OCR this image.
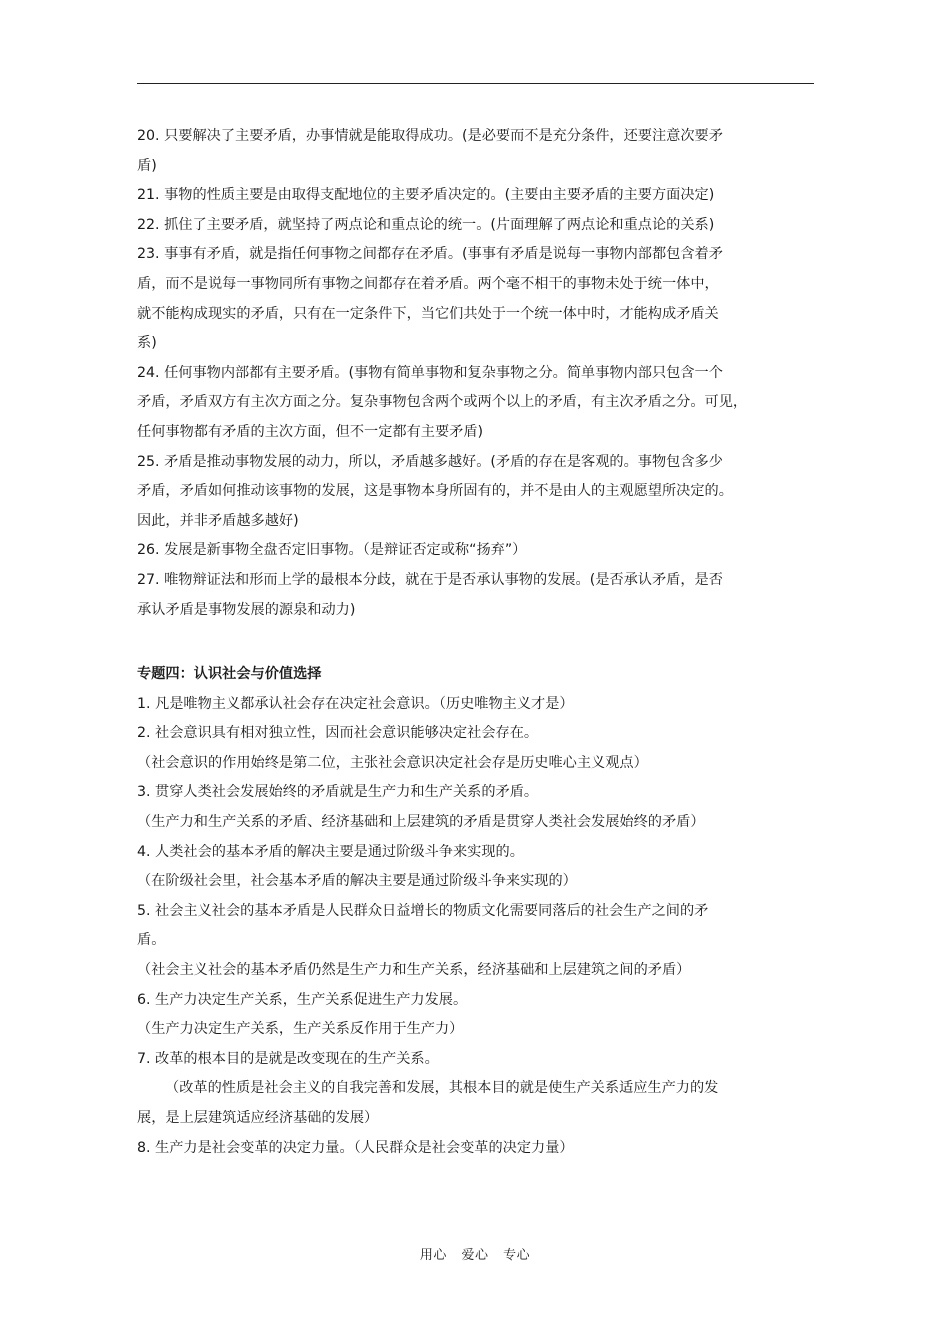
20. 只要解决了主要矛盾，办事情就是能取得成功。(是必要而不是充分条件，还要注意次要矛
盾)
21. 事物的性质主要是由取得支配地位的主要矛盾决定的。(主要由主要矛盾的主要方面决定)
22. 抓住了主要矛盾，就坚持了两点论和重点论的统一。(片面理解了两点论和重点论的关系)
23. 事事有矛盾，就是指任何事物之间都存在矛盾。(事事有矛盾是说每一事物内部都包含着矛
盾，而不是说每一事物同所有事物之间都存在着矛盾。两个毫不相干的事物未处于统一体中，
就不能构成现实的矛盾，只有在一定条件下，当它们共处于一个统一体中时，才能构成矛盾关
系)
24. 任何事物内部都有主要矛盾。(事物有简单事物和复杂事物之分。简单事物内部只包含一个
矛盾，矛盾双方有主次方面之分。复杂事物包含两个或两个以上的矛盾，有主次矛盾之分。可见，
任何事物都有矛盾的主次方面，但不一定都有主要矛盾)
25. 矛盾是推动事物发展的动力，所以，矛盾越多越好。(矛盾的存在是客观的。事物包含多少
矛盾，矛盾如何推动该事物的发展，这是事物本身所固有的，并不是由人的主观愿望所决定的。
因此，并非矛盾越多越好)
26. 发展是新事物全盘否定旧事物。（是辩证否定或称“扬弃”）
27. 唯物辩证法和形而上学的最根本分歧，就在于是否承认事物的发展。(是否承认矛盾，是否
承认矛盾是事物发展的源泉和动力)
专题四：认识社会与价值选择
1. 凡是唯物主义都承认社会存在决定社会意识。（历史唯物主义才是）
2. 社会意识具有相对独立性，因而社会意识能够决定社会存在。
（社会意识的作用始终是第二位，主张社会意识决定社会存是历史唯心主义观点）
3. 贯穿人类社会发展始终的矛盾就是生产力和生产关系的矛盾。
（生产力和生产关系的矛盾、经济基础和上层建筑的矛盾是贯穿人类社会发展始终的矛盾）
4. 人类社会的基本矛盾的解决主要是通过阶级斗争来实现的。
（在阶级社会里，社会基本矛盾的解决主要是通过阶级斗争来实现的）
5. 社会主义社会的基本矛盾是人民群众日益增长的物质文化需要同落后的社会生产之间的矛
盾。
（社会主义社会的基本矛盾仍然是生产力和生产关系，经济基础和上层建筑之间的矛盾）
6. 生产力决定生产关系，生产关系促进生产力发展。
（生产力决定生产关系，生产关系反作用于生产力）
7. 改革的根本目的是就是改变现在的生产关系。
（改革的性质是社会主义的自我完善和发展，其根本目的就是使生产关系适应生产力的发
展，是上层建筑适应经济基础的发展）
8. 生产力是社会变革的决定力量。（人民群众是社会变革的决定力量）
用心 爱心 专心
